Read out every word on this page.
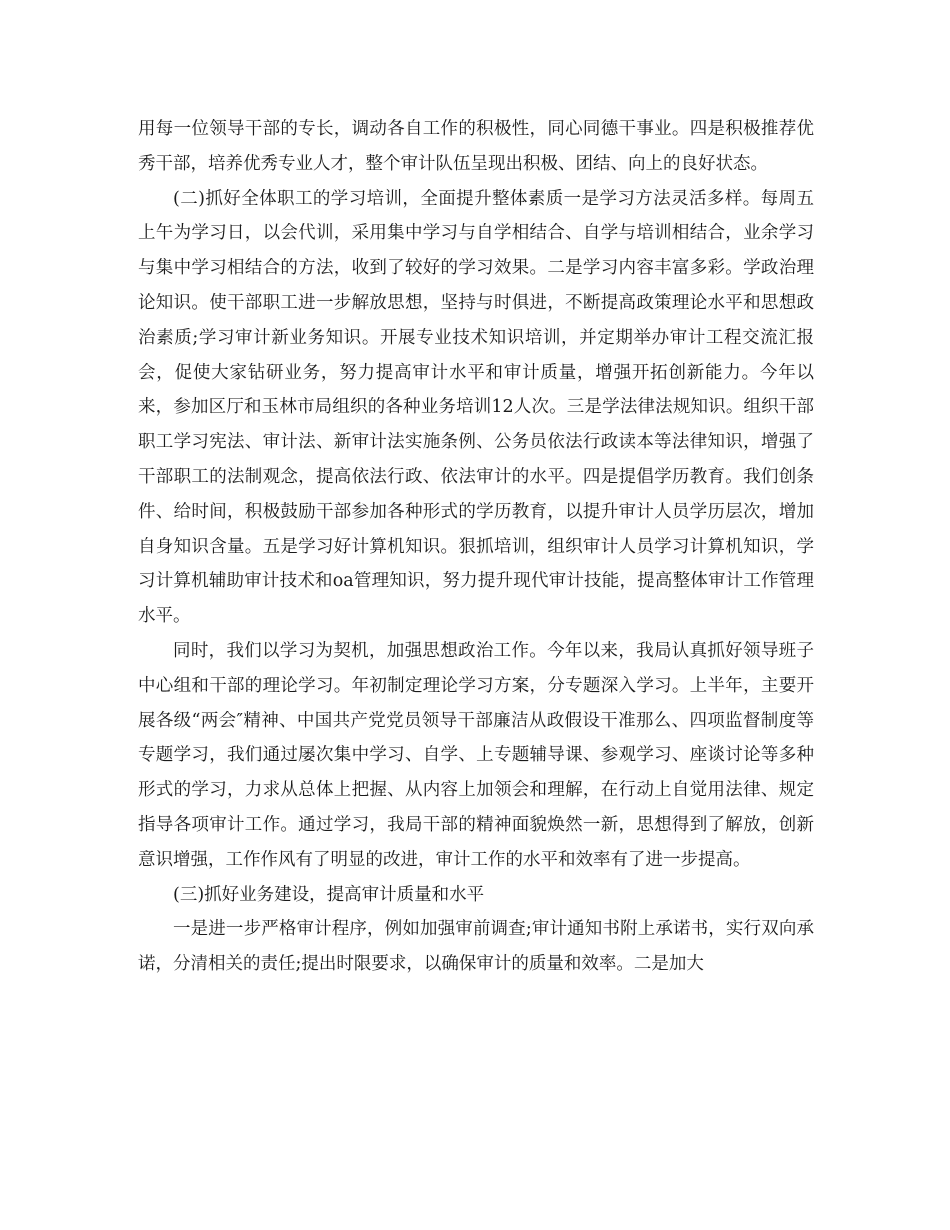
用每一位领导干部的专长，调动各自工作的积极性，同心同德干事业。四是积极推荐优秀干部，培养优秀专业人才，整个审计队伍呈现出积极、团结、向上的良好状态。

(二)抓好全体职工的学习培训，全面提升整体素质一是学习方法灵活多样。每周五上午为学习日，以会代训，采用集中学习与自学相结合、自学与培训相结合，业余学习与集中学习相结合的方法，收到了较好的学习效果。二是学习内容丰富多彩。学政治理论知识。使干部职工进一步解放思想，坚持与时俱进，不断提高政策理论水平和思想政治素质;学习审计新业务知识。开展专业技术知识培训，并定期举办审计工程交流汇报会，促使大家钻研业务，努力提高审计水平和审计质量，增强开拓创新能力。今年以来，参加区厅和玉林市局组织的各种业务培训12人次。三是学法律法规知识。组织干部职工学习宪法、审计法、新审计法实施条例、公务员依法行政读本等法律知识，增强了干部职工的法制观念，提高依法行政、依法审计的水平。四是提倡学历教育。我们创条件、给时间，积极鼓励干部参加各种形式的学历教育，以提升审计人员学历层次，增加自身知识含量。五是学习好计算机知识。狠抓培训，组织审计人员学习计算机知识，学习计算机辅助审计技术和oa管理知识，努力提升现代审计技能，提高整体审计工作管理水平。

同时，我们以学习为契机，加强思想政治工作。今年以来，我局认真抓好领导班子中心组和干部的理论学习。年初制定理论学习方案，分专题深入学习。上半年，主要开展各级“两会″精神、中国共产党党员领导干部廉洁从政假设干准那么、四项监督制度等专题学习，我们通过屡次集中学习、自学、上专题辅导课、参观学习、座谈讨论等多种形式的学习，力求从总体上把握、从内容上加领会和理解，在行动上自觉用法律、规定指导各项审计工作。通过学习，我局干部的精神面貌焕然一新，思想得到了解放，创新意识增强，工作作风有了明显的改进，审计工作的水平和效率有了进一步提高。

(三)抓好业务建设，提高审计质量和水平

一是进一步严格审计程序，例如加强审前调查;审计通知书附上承诺书，实行双向承诺，分清相关的责任;提出时限要求，以确保审计的质量和效率。二是加大
